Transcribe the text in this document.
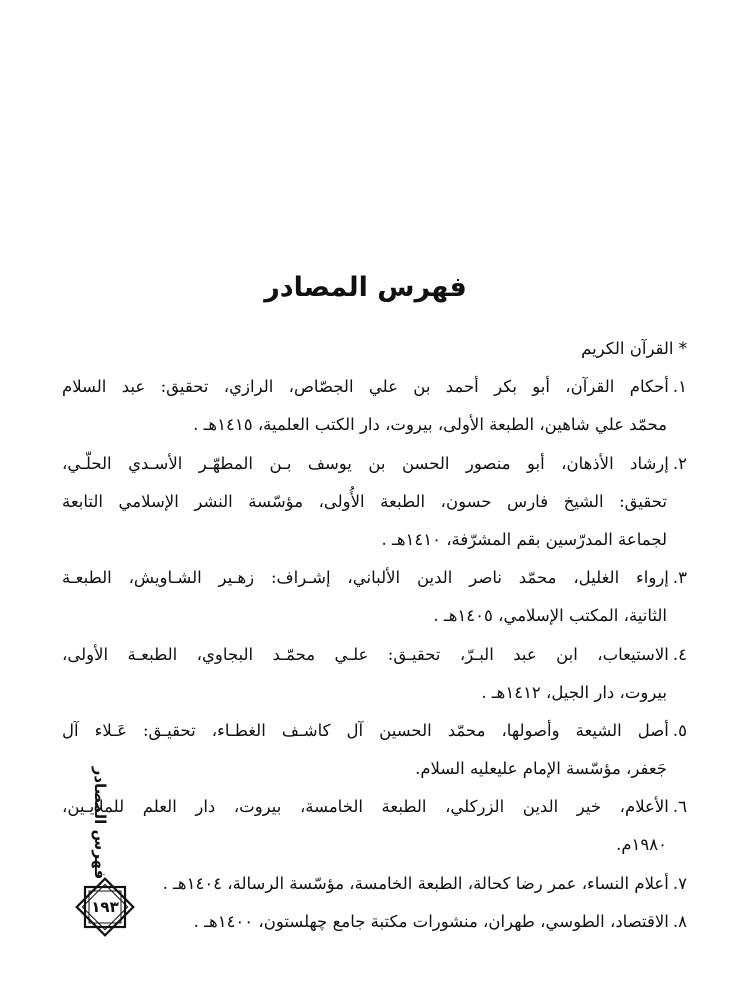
فهرس المصادر
* القرآن الكريم
١.أحكام القرآن، أبو بكر أحمد بن علي الجصّاص، الرازي، تحقيق: عبد السلام
محمّد علي شاهين، الطبعة الأولى، بيروت، دار الكتب العلمية، ١٤١٥هـ .
٢.إرشاد الأذهان، أبو منصور الحسن بن يوسف بـن المطهّـر الأسـدي الحلّـي،
تحقيق: الشيخ فارس حسون، الطبعة الأُولى، مؤسّسة النشر الإسلامي التابعة
لجماعة المدرّسين بقم المشرّفة، ١٤١٠هـ .
٣.إرواء الغليل، محمّد ناصر الدين الألباني، إشـراف: زهـير الشـاويش، الطبعـة
الثانية، المكتب الإسلامي، ١٤٠٥هـ .
٤.الاستيعاب، ابن عبد البـرّ، تحقيـق: علـي محمّـد البجاوي، الطبعـة الأولى،
بيروت، دار الجيل، ١٤١٢هـ .
٥.أصل الشيعة وأصولها، محمّد الحسين آل كاشـف الغطـاء، تحقيـق: عَـلاء آل
جَعفر، مؤسّسة الإمام عليعليه السلام.
٦.الأعلام، خير الدين الزركلي، الطبعة الخامسة، بيروت، دار العلم للملايـين،
١٩٨٠م.
٧.أعلام النساء، عمر رضا كحالة، الطبعة الخامسة، مؤسّسة الرسالة، ١٤٠٤هـ .
٨.الاقتصاد، الطوسي، طهران، منشورات مكتبة جامع چهلستون، ١٤٠٠هـ .
فهرس المصادر
١٩٣
